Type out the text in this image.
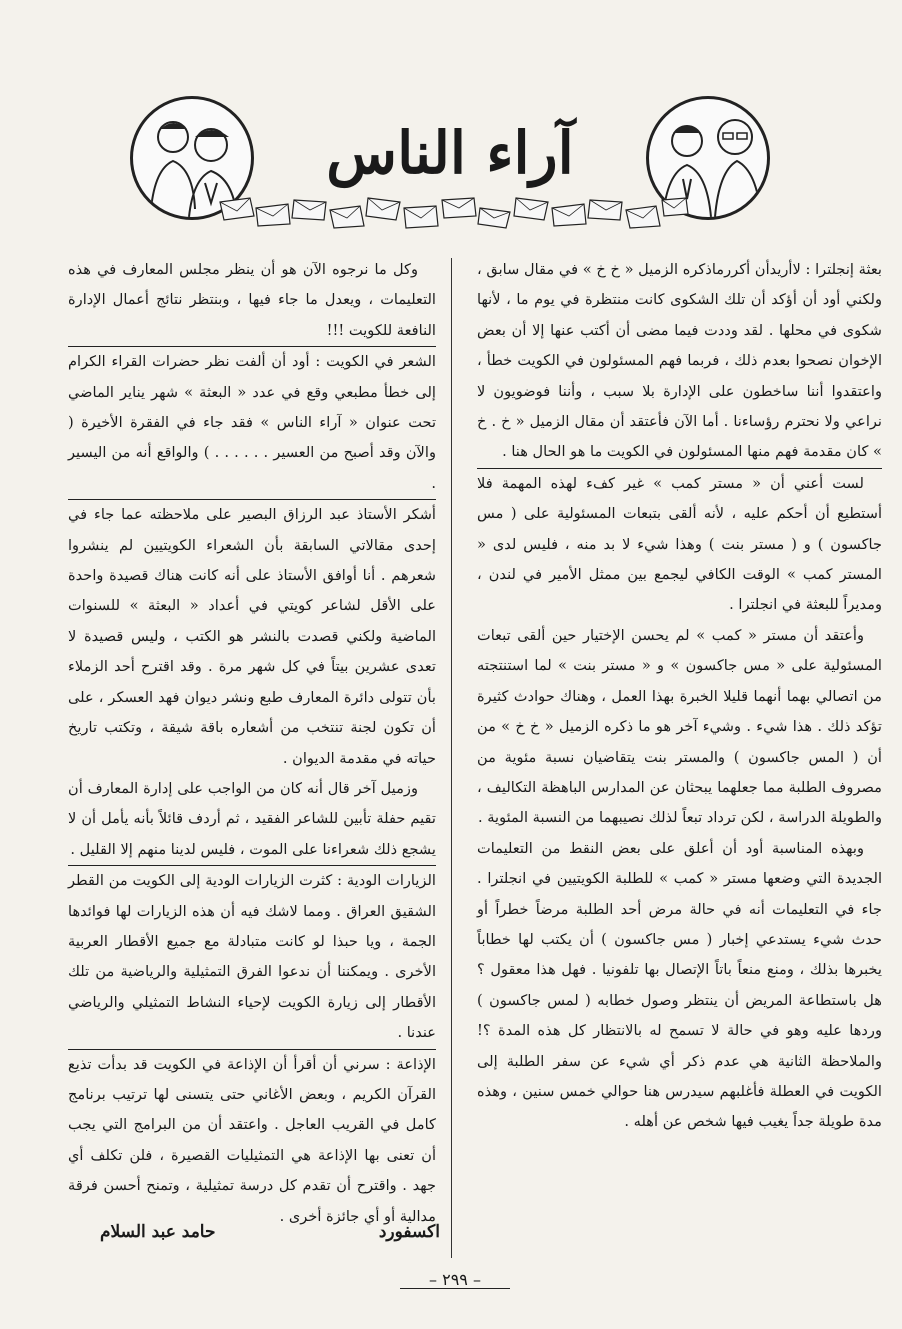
آراء الناس

بعثة إنجلترا : لاأريدأن أكررماذكره الزميل « خ خ » في مقال سابق ، ولكني أود أن أؤكد أن تلك الشكوى كانت منتظرة في يوم ما ، لأنها شكوى في محلها . لقد وددت فيما مضى أن أكتب عنها إلا أن بعض الإخوان نصحوا بعدم ذلك ، فربما فهم المسئولون في الكويت خطأ ، واعتقدوا أننا ساخطون على الإدارة بلا سبب ، وأننا فوضويون لا نراعي ولا نحترم رؤساءنا . أما الآن فأعتقد أن مقال الزميل « خ . خ » كان مقدمة فهم منها المسئولون في الكويت ما هو الحال هنا .

لست أعني أن « مستر كمب » غير كفء لهذه المهمة فلا أستطيع أن أحكم عليه ، لأنه ألقى بتبعات المسئولية على ( مس جاكسون ) و ( مستر بنت ) وهذا شيء لا بد منه ، فليس لدى « المستر كمب » الوقت الكافي ليجمع بين ممثل الأمير في لندن ، ومديراً للبعثة في انجلترا .

وأعتقد أن مستر « كمب » لم يحسن الإختيار حين ألقى تبعات المسئولية على « مس جاكسون » و « مستر بنت » لما استنتجته من اتصالي بهما أنهما قليلا الخبرة بهذا العمل ، وهناك حوادث كثيرة تؤكد ذلك . هذا شيء . وشيء آخر هو ما ذكره الزميل « خ خ » من أن ( المس جاكسون ) والمستر بنت يتقاضيان نسبة مئوية من مصروف الطلبة مما جعلهما يبحثان عن المدارس الباهظة التكاليف ، والطويلة الدراسة ، لكن ترداد تبعاً لذلك نصيبهما من النسبة المئوية .

وبهذه المناسبة أود أن أعلق على بعض النقط من التعليمات الجديدة التي وضعها مستر « كمب » للطلبة الكويتيين في انجلترا . جاء في التعليمات أنه في حالة مرض أحد الطلبة مرضاً خطراً أو حدث شيء يستدعي إخبار ( مس جاكسون ) أن يكتب لها خطاباً يخبرها بذلك ، ومنع منعاً باتاً الإتصال بها تلفونيا . فهل هذا معقول ؟ هل باستطاعة المريض أن ينتظر وصول خطابه ( لمس جاكسون ) وردها عليه وهو في حالة لا تسمح له بالانتظار كل هذه المدة ؟! والملاحظة الثانية هي عدم ذكر أي شيء عن سفر الطلبة إلى الكويت في العطلة فأغلبهم سيدرس هنا حوالي خمس سنين ، وهذه مدة طويلة جداً يغيب فيها شخص عن أهله .

وكل ما نرجوه الآن هو أن ينظر مجلس المعارف في هذه التعليمات ، ويعدل ما جاء فيها ، وبنتظر نتائج أعمال الإدارة النافعة للكويت !!!

الشعر في الكويت : أود أن ألفت نظر حضرات القراء الكرام إلى خطأ مطبعي وقع في عدد « البعثة » شهر يناير الماضي تحت عنوان « آراء الناس » فقد جاء في الفقرة الأخيرة ( والآن وقد أصبح من العسير . . . . . . ) والواقع أنه من اليسير .

أشكر الأستاذ عبد الرزاق البصير على ملاحظته عما جاء في إحدى مقالاتي السابقة بأن الشعراء الكويتيين لم ينشروا شعرهم . أنا أوافق الأستاذ على أنه كانت هناك قصيدة واحدة على الأقل لشاعر كويتي في أعداد « البعثة » للسنوات الماضية ولكني قصدت بالنشر هو الكتب ، وليس قصيدة لا تعدى عشرين بيتاً في كل شهر مرة . وقد اقترح أحد الزملاء بأن تتولى دائرة المعارف طبع ونشر ديوان فهد العسكر ، على أن تكون لجنة تنتخب من أشعاره باقة شيقة ، وتكتب تاريخ حياته في مقدمة الديوان .

وزميل آخر قال أنه كان من الواجب على إدارة المعارف أن تقيم حفلة تأبين للشاعر الفقيد ، ثم أردف قائلاً بأنه يأمل أن لا يشجع ذلك شعراءنا على الموت ، فليس لدينا منهم إلا القليل .

الزيارات الودية : كثرت الزيارات الودية إلى الكويت من القطر الشقيق العراق . ومما لاشك فيه أن هذه الزيارات لها فوائدها الجمة ، ويا حبذا لو كانت متبادلة مع جميع الأقطار العربية الأخرى . ويمكننا أن ندعوا الفرق التمثيلية والرياضية من تلك الأقطار إلى زيارة الكويت لإحياء النشاط التمثيلي والرياضي عندنا .

الإذاعة : سرني أن أقرأ أن الإذاعة في الكويت قد بدأت تذيع القرآن الكريم ، وبعض الأغاني حتى يتسنى لها ترتيب برنامج كامل في القريب العاجل . واعتقد أن من البرامج التي يجب أن تعنى بها الإذاعة هي التمثيليات القصيرة ، فلن تكلف أي جهد . واقترح أن تقدم كل درسة تمثيلية ، وتمنح أحسن فرقة مدالية أو أي جائزة أخرى .

اكسفورد
حامد عبد السلام
– ٢٩٩ –
